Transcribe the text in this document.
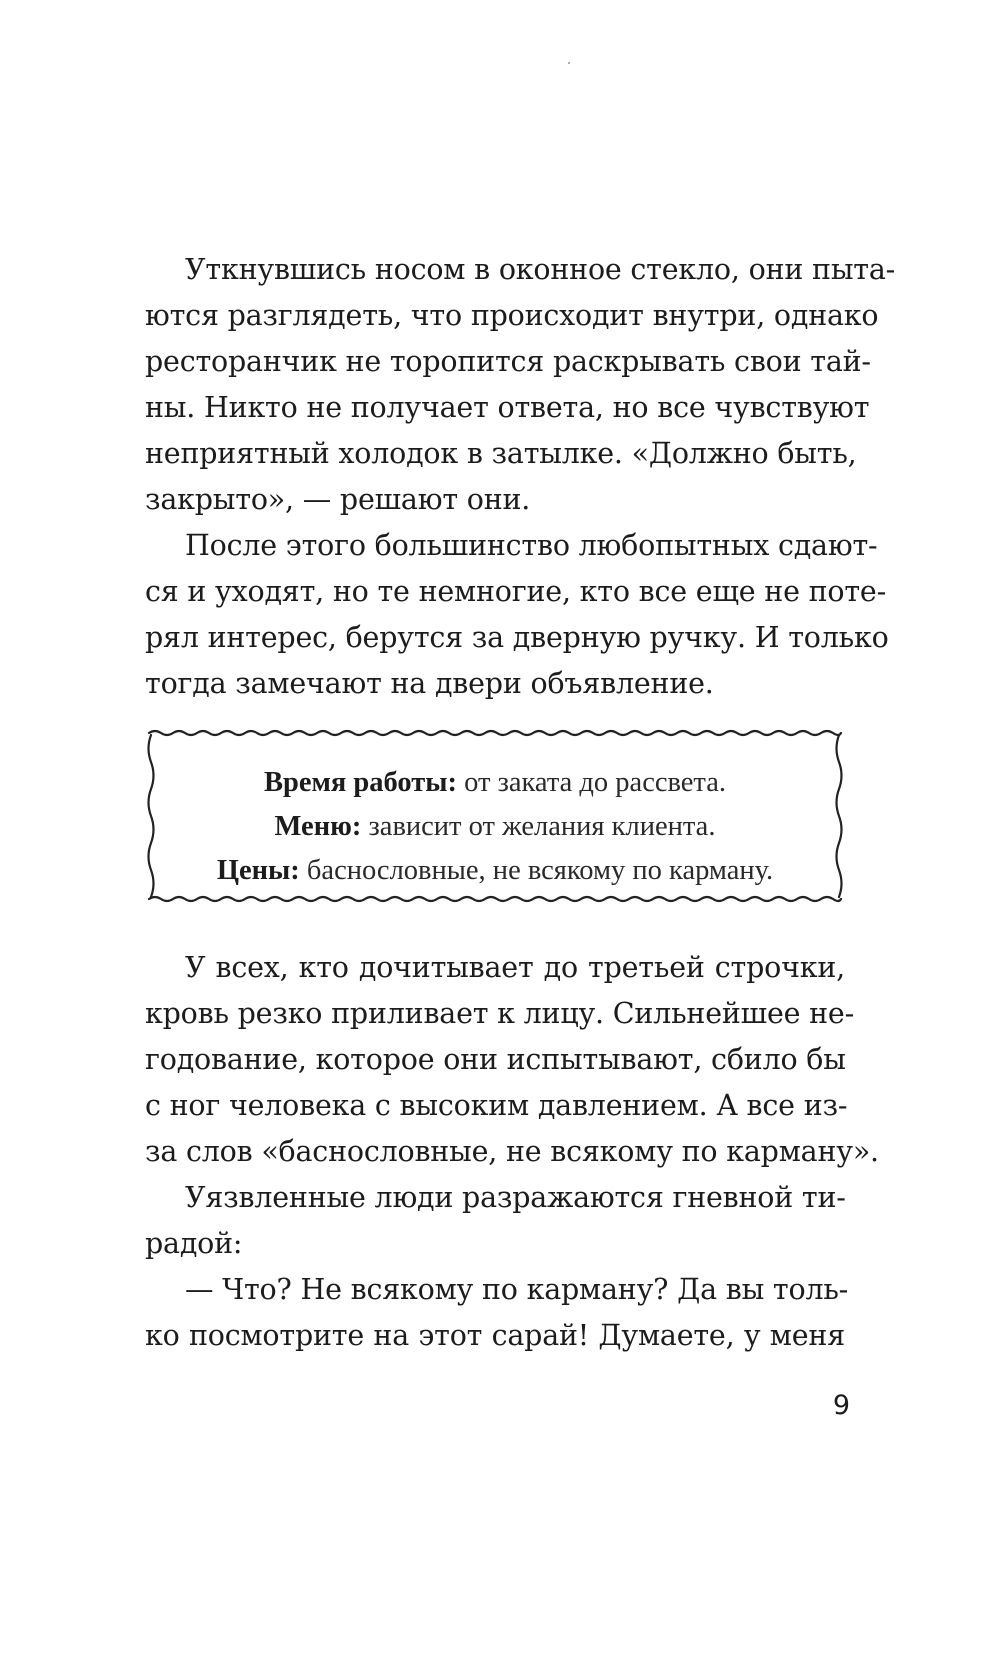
Уткнувшись носом в оконное стекло, они пыта-
ются разглядеть, что происходит внутри, однако
ресторанчик не торопится раскрывать свои тай-
ны. Никто не получает ответа, но все чувствуют
неприятный холодок в затылке. «Должно быть,
закрыто», — решают они.
После этого большинство любопытных сдают-
ся и уходят, но те немногие, кто все еще не поте-
рял интерес, берутся за дверную ручку. И только
тогда замечают на двери объявление.
Время работы: от заката до рассвета.
Меню: зависит от желания клиента.
Цены: баснословные, не всякому по карману.
У всех, кто дочитывает до третьей строчки,
кровь резко приливает к лицу. Сильнейшее не-
годование, которое они испытывают, сбило бы
с ног человека с высоким давлением. А все из-
за слов «баснословные, не всякому по карману».
Уязвленные люди разражаются гневной ти-
радой:
— Что? Не всякому по карману? Да вы толь-
ко посмотрите на этот сарай! Думаете, у меня
9
